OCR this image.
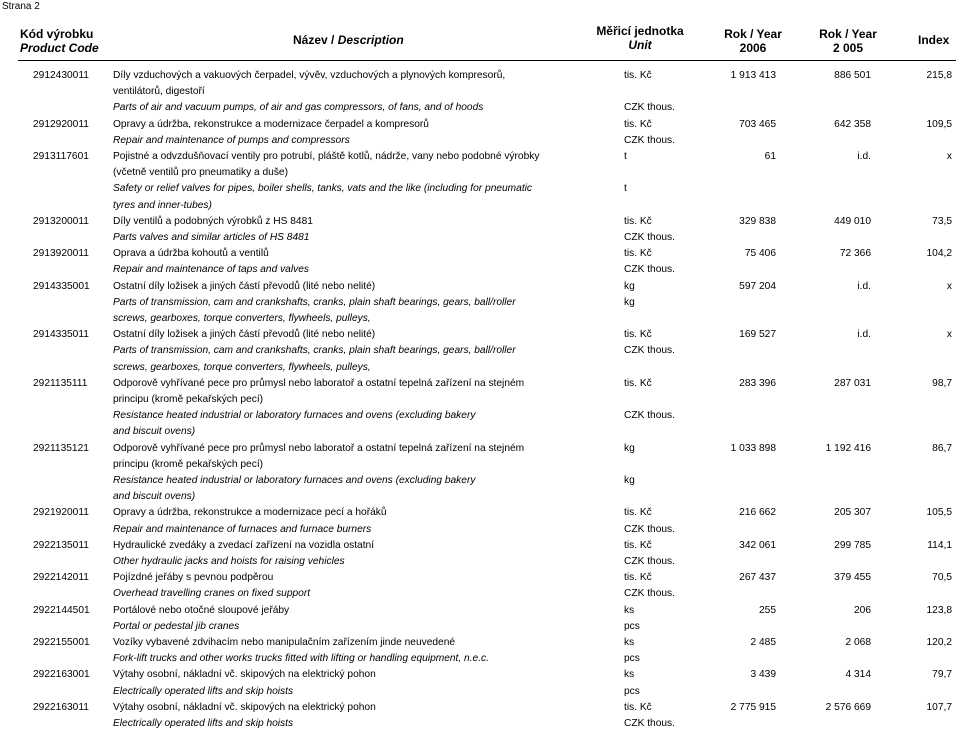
Strana 2
Kód výrobku
Product Code
Název / Description
Měřicí jednotka
Unit
Rok / Year
2006
Rok / Year
2 005
Index
2912430011 Díly vzduchových a vakuových čerpadel, vývěv, vzduchových a plynových kompresorů,
ventilátorů, digestoří
Parts of air and vacuum pumps, of air and gas compressors, of fans, and of hoods
tis. Kč
CZK thous.
1 913 413	886 501	215,8
2912920011 Opravy a údržba, rekonstrukce a modernizace čerpadel a kompresorů
Repair and maintenance of pumps and compressors
tis. Kč
CZK thous.
703 465	642 358	109,5
2913117601 Pojistné a odvzdušňovací ventily pro potrubí, pláště kotlů, nádrže, vany nebo podobné výrobky
(včetně ventilů pro pneumatiky a duše)
Safety or relief valves for pipes, boiler shells, tanks, vats and the like (including for pneumatic
tyres and inner-tubes)
t
t
61	i.d.	x
2913200011 Díly ventilů a podobných výrobků z HS 8481
Parts valves and similar articles of HS 8481
tis. Kč
CZK thous.
329 838	449 010	73,5
2913920011 Oprava a údržba kohoutů a ventilů
Repair and maintenance of taps and valves
tis. Kč
CZK thous.
75 406	72 366	104,2
2914335001 Ostatní díly ložisek a jiných částí převodů (lité nebo nelité)
Parts of transmission, cam and crankshafts, cranks, plain shaft bearings, gears, ball/roller
screws, gearboxes, torque converters, flywheels, pulleys,
kg
kg
597 204	i.d.	x
2914335011 Ostatní díly ložisek a jiných částí převodů (lité nebo nelité)
Parts of transmission, cam and crankshafts, cranks, plain shaft bearings, gears, ball/roller
screws, gearboxes, torque converters, flywheels, pulleys,
tis. Kč
CZK thous.
169 527	i.d.	x
2921135111	Odporově vyhřívané pece pro průmysl nebo laboratoř a ostatní tepelná zařízení na stejném
principu (kromě pekařských pecí)
Resistance heated industrial or laboratory furnaces and ovens (excluding bakery
and biscuit ovens)
tis. Kč
CZK thous.
283 396	287 031	98,7
2921135121 Odporově vyhřívané pece pro průmysl nebo laboratoř a ostatní tepelná zařízení na stejném
principu (kromě pekařských pecí)
Resistance heated industrial or laboratory furnaces and ovens (excluding bakery
and biscuit ovens)
kg
kg
1 033 898	1 192 416	86,7
2921920011 Opravy a údržba, rekonstrukce a modernizace pecí a hořáků
Repair and maintenance of furnaces and furnace burners
tis. Kč
CZK thous.
216 662	205 307	105,5
2922135011 Hydraulické zvedáky a zvedací zařízení na vozidla ostatní
Other hydraulic jacks and hoists for raising vehicles
tis. Kč
CZK thous.
342 061	299 785	114,1
2922142011 Pojízdné jeřáby s pevnou podpěrou
Overhead travelling cranes on fixed support
tis. Kč
CZK thous.
267 437	379 455	70,5
2922144501 Portálové nebo otočné sloupové jeřáby
Portal or pedestal jib cranes
ks
pcs
255	206	123,8
2922155001 Vozíky vybavené zdvihacím nebo manipulačním zařízením jinde neuvedené
Fork-lift trucks and other works trucks fitted with lifting or handling equipment, n.e.c.
ks
pcs
2 485	2 068	120,2
2922163001 Výtahy osobní, nákladní vč. skipových na elektrický pohon
Electrically operated lifts and skip hoists
ks
pcs
3 439	4 314	79,7
2922163011 Výtahy osobní, nákladní vč. skipových na elektrický pohon
Electrically operated lifts and skip hoists
tis. Kč
CZK thous.
2 775 915	2 576 669	107,7
